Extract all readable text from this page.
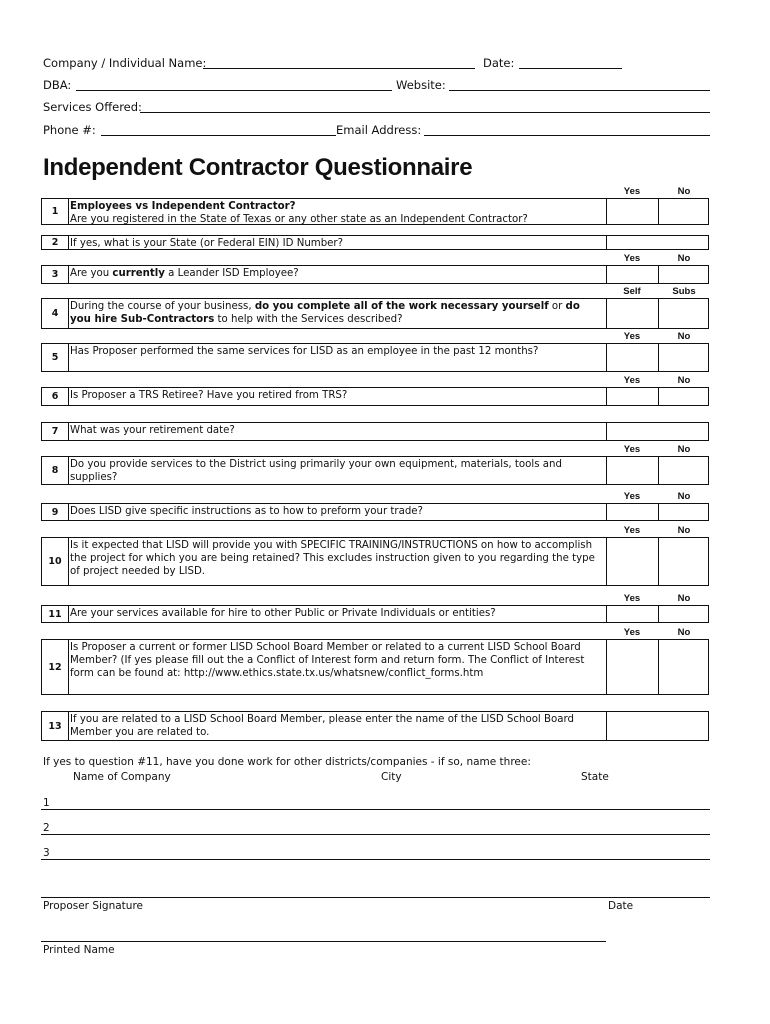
Company / Individual Name:	Date:
DBA:	Website:
Services Offered:
Phone #:	Email Address:
Independent Contractor Questionnaire
Yes	No
1	Employees vs Independent Contractor?
Are you registered in the State of Texas or any other state as an Independent Contractor?
2	If yes, what is your State (or Federal EIN) ID Number?
Yes	No
3	Are you currently a Leander ISD Employee?
Self	Subs
4
During the course of your business, do you complete all of the work necessary yourself or do you hire Sub-Contractors to help with the Services described?
Yes	No
5
Has Proposer performed the same services for LISD as an employee in the past 12 months?
Yes	No
6	Is Proposer a TRS Retiree? Have you retired from TRS?
7	What was your retirement date?
Yes	No
8
Do you provide services to the District using primarily your own equipment, materials, tools and supplies?
Yes	No
9	Does LISD give specific instructions as to how to preform your trade?
Yes	No
10
Is it expected that LISD will provide you with SPECIFIC TRAINING/INSTRUCTIONS on how to accomplish the project for which you are being retained? This excludes instruction given to you regarding the type of project needed by LISD.
Yes	No
11 Are your services available for hire to other Public or Private Individuals or entities?
Yes	No
12
Is Proposer a current or former LISD School Board Member or related to a current LISD School Board Member? (If yes please fill out the a Conflict of Interest form and return form. The Conflict of Interest form can be found at: http://www.ethics.state.tx.us/whatsnew/conflict_forms.htm
13
If you are related to a LISD School Board Member, please enter the name of the LISD School Board Member you are related to.
If yes to question #11, have you done work for other districts/companies - if so, name three:
Name of Company	City	State
1
2
3
Proposer Signature	Date
Printed Name
